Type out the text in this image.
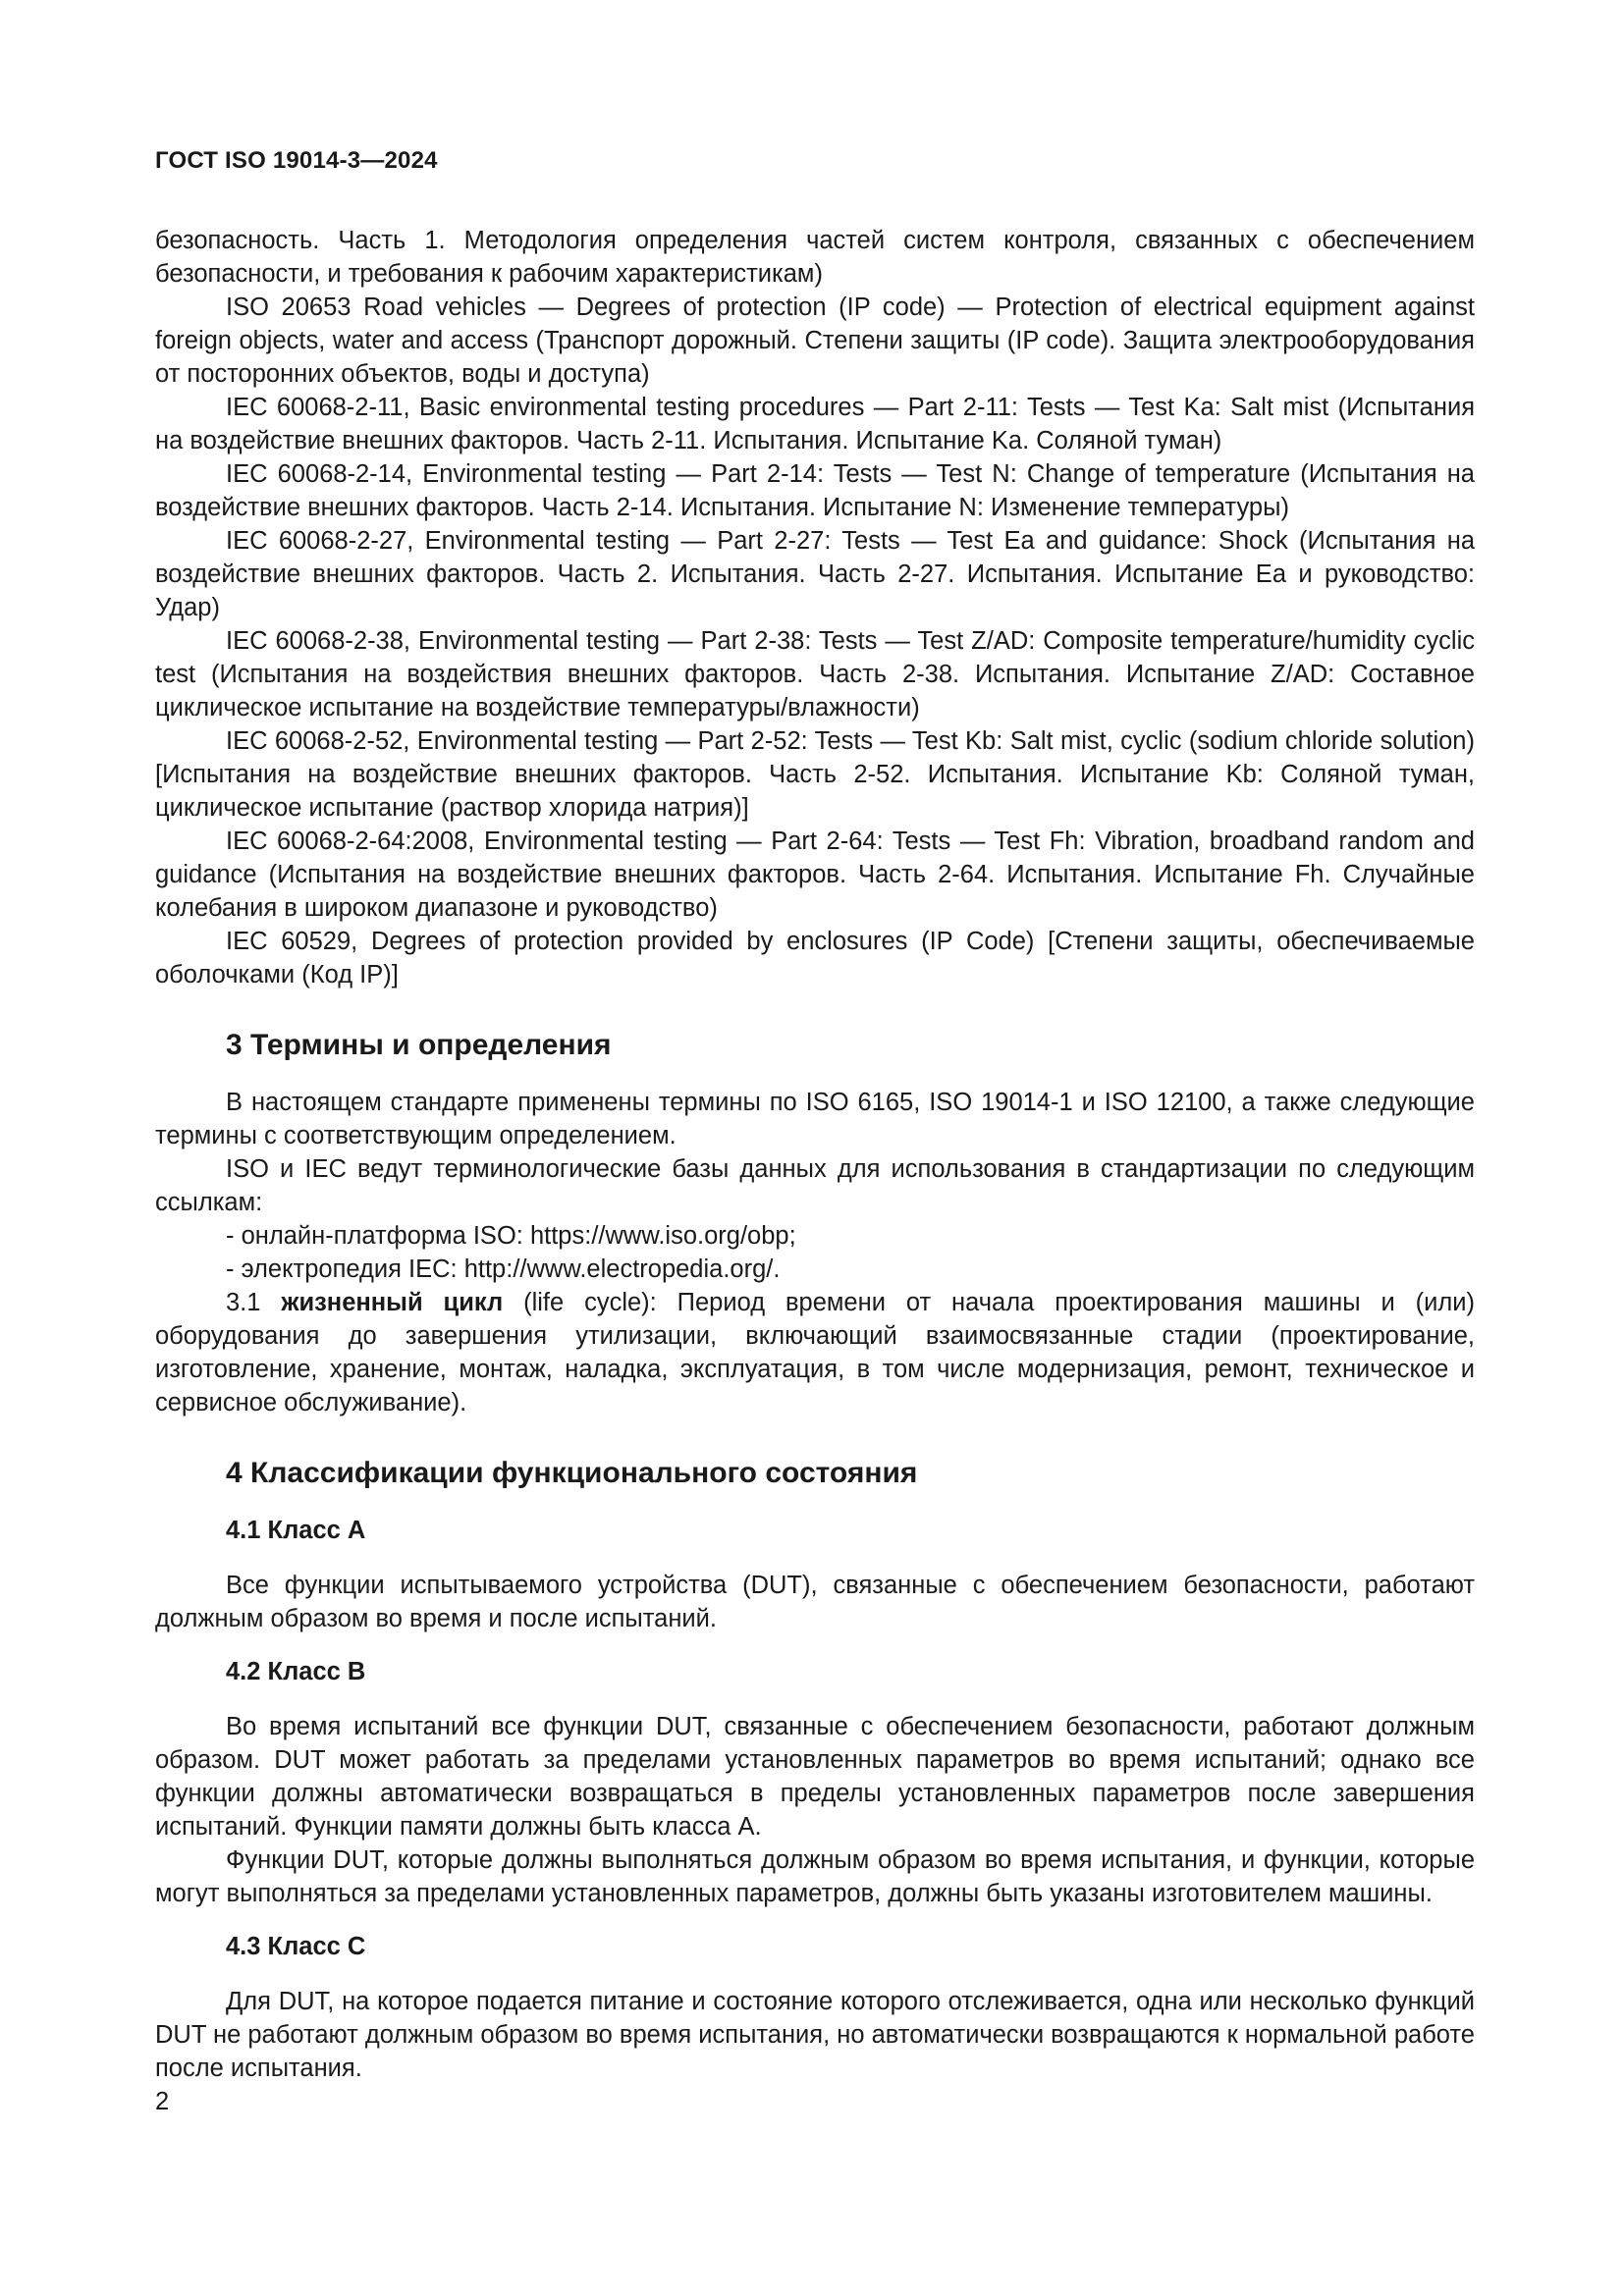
ГОСТ ISO 19014-3—2024

безопасность. Часть 1. Методология определения частей систем контроля, связанных с обеспечением безопасности, и требования к рабочим характеристикам)

ISO 20653 Road vehicles — Degrees of protection (IP code) — Protection of electrical equipment against foreign objects, water and access (Транспорт дорожный. Степени защиты (IP code). Защита электрооборудования от посторонних объектов, воды и доступа)

IEC 60068-2-11, Basic environmental testing procedures — Part 2-11: Tests — Test Ka: Salt mist (Испытания на воздействие внешних факторов. Часть 2-11. Испытания. Испытание Ka. Соляной туман)

IEC 60068-2-14, Environmental testing — Part 2-14: Tests — Test N: Change of temperature (Испытания на воздействие внешних факторов. Часть 2-14. Испытания. Испытание N: Изменение температуры)

IEC 60068-2-27, Environmental testing — Part 2-27: Tests — Test Ea and guidance: Shock (Испытания на воздействие внешних факторов. Часть 2. Испытания. Часть 2-27. Испытания. Испытание Ea и руководство: Удар)

IEC 60068-2-38, Environmental testing — Part 2-38: Tests — Test Z/AD: Composite temperature/humidity cyclic test (Испытания на воздействия внешних факторов. Часть 2-38. Испытания. Испытание Z/AD: Составное циклическое испытание на воздействие температуры/влажности)

IEC 60068-2-52, Environmental testing — Part 2-52: Tests — Test Kb: Salt mist, cyclic (sodium chloride solution) [Испытания на воздействие внешних факторов. Часть 2-52. Испытания. Испытание Kb: Соляной туман, циклическое испытание (раствор хлорида натрия)]

IEC 60068-2-64:2008, Environmental testing — Part 2-64: Tests — Test Fh: Vibration, broadband random and guidance (Испытания на воздействие внешних факторов. Часть 2-64. Испытания. Испытание Fh. Случайные колебания в широком диапазоне и руководство)

IEC 60529, Degrees of protection provided by enclosures (IP Code) [Степени защиты, обеспечиваемые оболочками (Код IP)]

3 Термины и определения

В настоящем стандарте применены термины по ISO 6165, ISO 19014-1 и ISO 12100, а также следующие термины с соответствующим определением.

ISO и IEC ведут терминологические базы данных для использования в стандартизации по следующим ссылкам:

- онлайн-платформа ISO: https://www.iso.org/obp;

- электропедия IEC: http://www.electropedia.org/.

3.1 жизненный цикл (life cycle): Период времени от начала проектирования машины и (или) оборудования до завершения утилизации, включающий взаимосвязанные стадии (проектирование, изготовление, хранение, монтаж, наладка, эксплуатация, в том числе модернизация, ремонт, техническое и сервисное обслуживание).

4 Классификации функционального состояния
4.1 Класс A

Все функции испытываемого устройства (DUT), связанные с обеспечением безопасности, работают должным образом во время и после испытаний.

4.2 Класс B

Во время испытаний все функции DUT, связанные с обеспечением безопасности, работают должным образом. DUT может работать за пределами установленных параметров во время испытаний; однако все функции должны автоматически возвращаться в пределы установленных параметров после завершения испытаний. Функции памяти должны быть класса A.

Функции DUT, которые должны выполняться должным образом во время испытания, и функции, которые могут выполняться за пределами установленных параметров, должны быть указаны изготовителем машины.

4.3 Класс C

Для DUT, на которое подается питание и состояние которого отслеживается, одна или несколько функций DUT не работают должным образом во время испытания, но автоматически возвращаются к нормальной работе после испытания.

2
